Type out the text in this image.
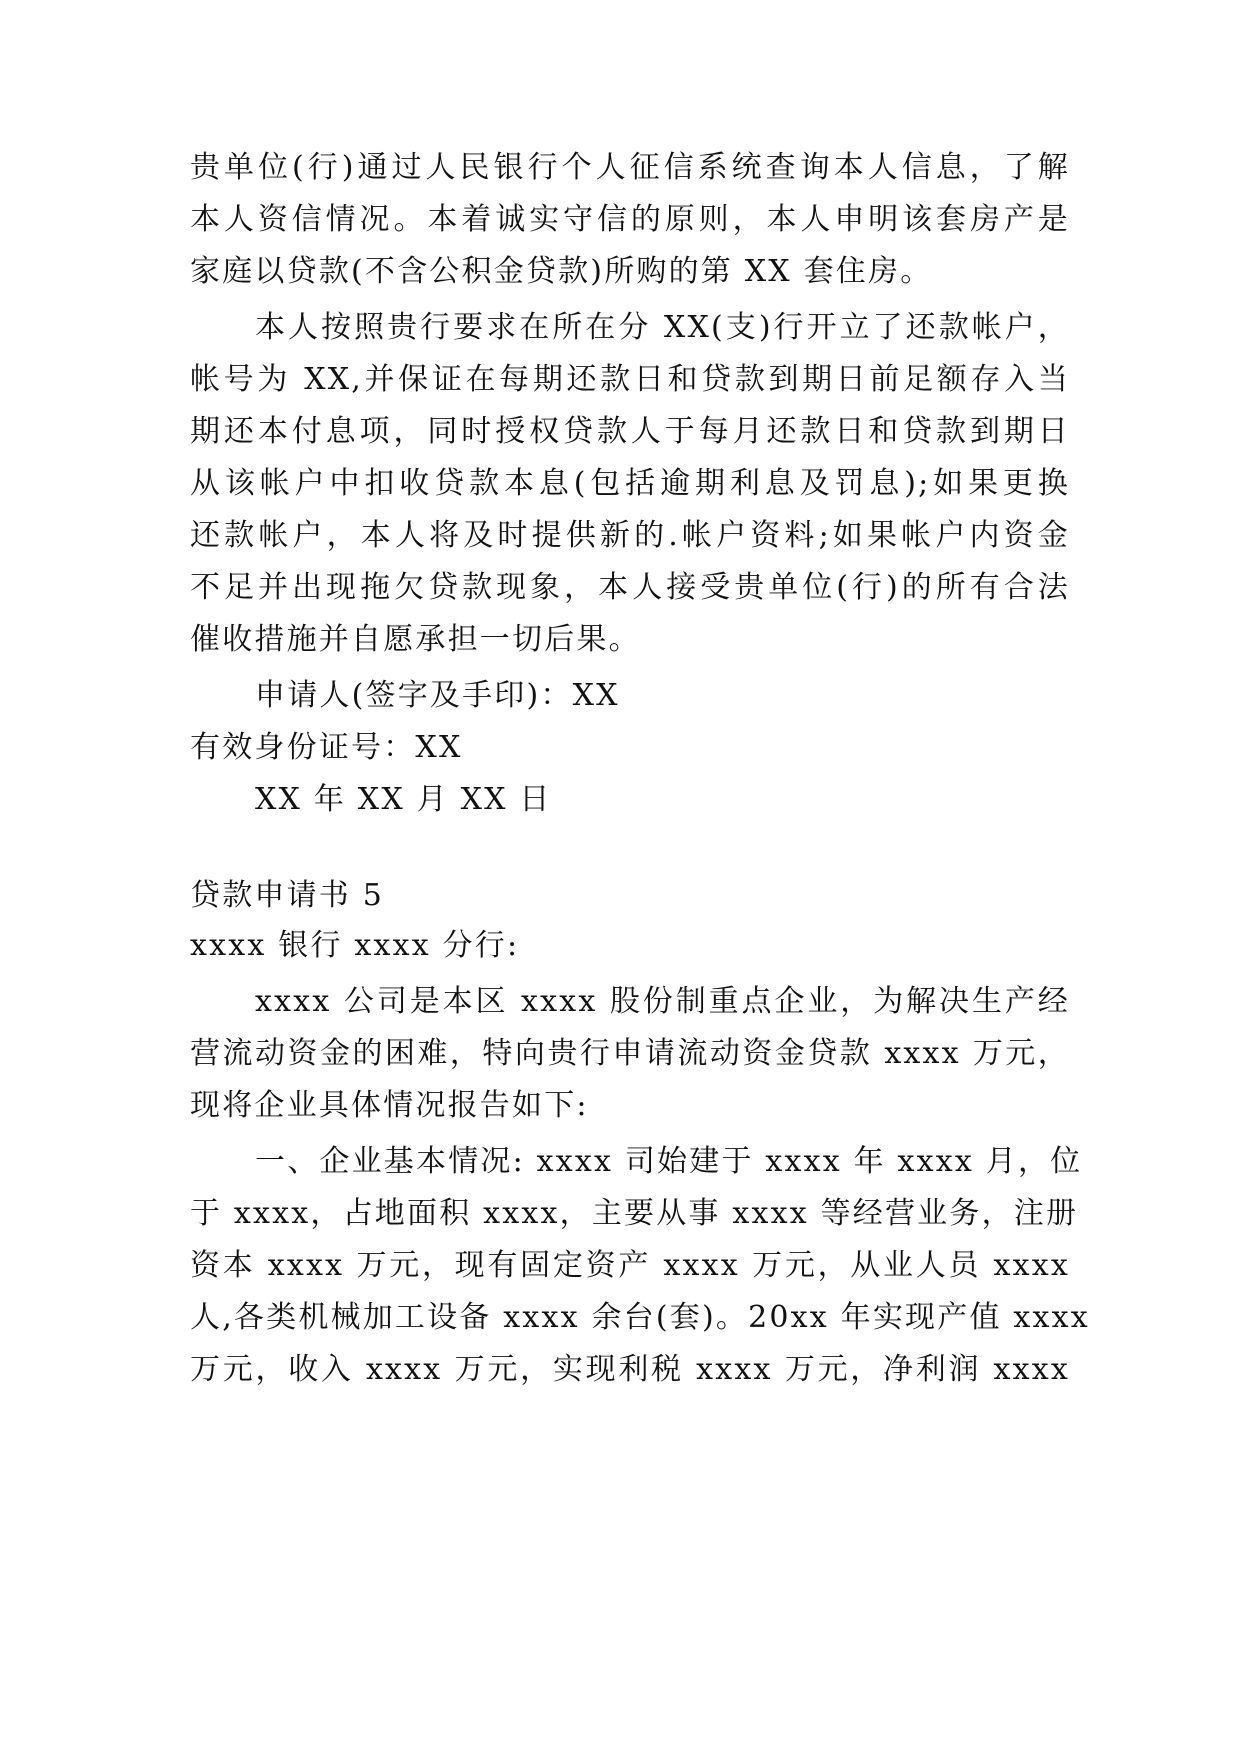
贵单位(行)通过人民银行个人征信系统查询本人信息，了解
本人资信情况。本着诚实守信的原则，本人申明该套房产是
家庭以贷款(不含公积金贷款)所购的第 XX 套住房。
本人按照贵行要求在所在分 XX(支)行开立了还款帐户，
帐号为 XX,并保证在每期还款日和贷款到期日前足额存入当
期还本付息项，同时授权贷款人于每月还款日和贷款到期日
从该帐户中扣收贷款本息(包括逾期利息及罚息);如果更换
还款帐户，本人将及时提供新的.帐户资料;如果帐户内资金
不足并出现拖欠贷款现象，本人接受贵单位(行)的所有合法
催收措施并自愿承担一切后果。
申请人(签字及手印)：XX
有效身份证号：XX
XX 年 XX 月 XX 日
贷款申请书 5
xxxx 银行 xxxx 分行:
xxxx 公司是本区 xxxx 股份制重点企业，为解决生产经
营流动资金的困难，特向贵行申请流动资金贷款 xxxx 万元，
现将企业具体情况报告如下:
一、企业基本情况: xxxx 司始建于 xxxx 年 xxxx 月，位
于 xxxx，占地面积 xxxx，主要从事 xxxx 等经营业务，注册
资本 xxxx 万元，现有固定资产 xxxx 万元，从业人员 xxxx
人,各类机械加工设备 xxxx 余台(套)。20xx 年实现产值 xxxx
万元，收入 xxxx 万元，实现利税 xxxx 万元，净利润 xxxx
